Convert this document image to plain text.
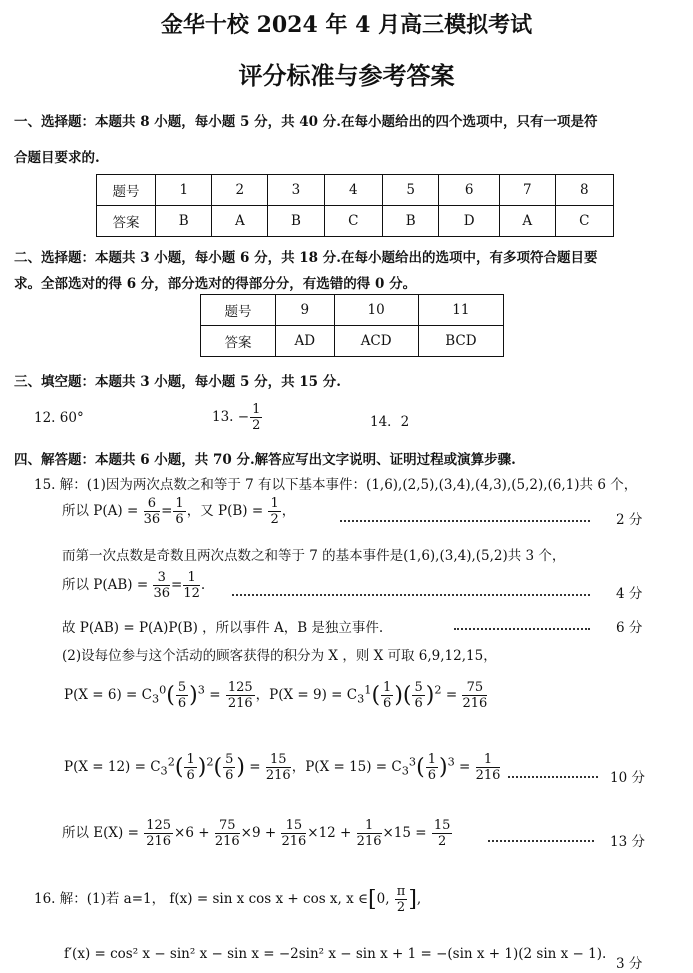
金华十校 2024 年 4 月高三模拟考试
评分标准与参考答案
一、选择题：本题共 8 小题，每小题 5 分，共 40 分.在每小题给出的四个选项中，只有一项是符
合题目要求的.
题号	1	2	3	4	5	6	7	8
答案	B	A	B	C	B	D	A	C
二、选择题：本题共 3 小题，每小题 6 分，共 18 分.在每小题给出的选项中，有多项符合题目要
求。全部选对的得 6 分，部分选对的得部分分，有选错的得 0 分。
题号	9	10	11
答案	AD	ACD	BCD
三、填空题：本题共 3 小题，每小题 5 分，共 15 分.
12. 60°	13. − $\frac{1}{2}$	14．2
四、解答题：本题共 6 小题，共 70 分.解答应写出文字说明、证明过程或演算步骤.
15. 解：(1)因为两次点数之和等于 7 有以下基本事件：(1,6),(2,5),(3,4),(4,3),(5,2),(6,1)共 6 个，
所以 $P(A) = \frac{6}{36} = \frac{1}{6}$ ，又 $P(B) = \frac{1}{2}$ ，
2 分
而第一次点数是奇数且两次点数之和等于 7 的基本事件是(1,6),(3,4),(5,2)共 3 个，
所以 $P(AB) = \frac{3}{36} = \frac{1}{12}$ .
4 分
故 P(AB) = P(A)P(B) ，所以事件 A，B 是独立事件.	6 分
(2)设每位参与这个活动的顾客获得的积分为 X ，则 X 可取 6,9,12,15，
$P(X = 6) = C_3^0( \frac{5}{6} )^3 = \frac{125}{216}$ ，$P(X = 9) = C_3^1( \frac{1}{6}$ )( $\frac{5}{6} )^2 = \frac{75}{216}$
$P(X = 12) = C_3^2( \frac{1}{6} )^2( \frac{5}{6}$ ) = $\frac{15}{216}$ ，$P(X = 15) = C_3^3( \frac{1}{6} )^3 = \frac{1}{216}$	10 分
所以 $E(X) = \frac{125}{216} \times 6 + \frac{75}{216} \times 9 + \frac{15}{216} \times 12 + \frac{1}{216} \times 15 = \frac{15}{2}$	13 分
16. 解：(1)若 a=1， f(x) = sin x cos x + cos x, x ∈[0, $\frac{\pi}{2}$ ],
f′(x) = cos² x − sin² x − sin x = −2sin² x − sin x + 1 = −(sin x + 1)(2 sin x − 1).
3 分
